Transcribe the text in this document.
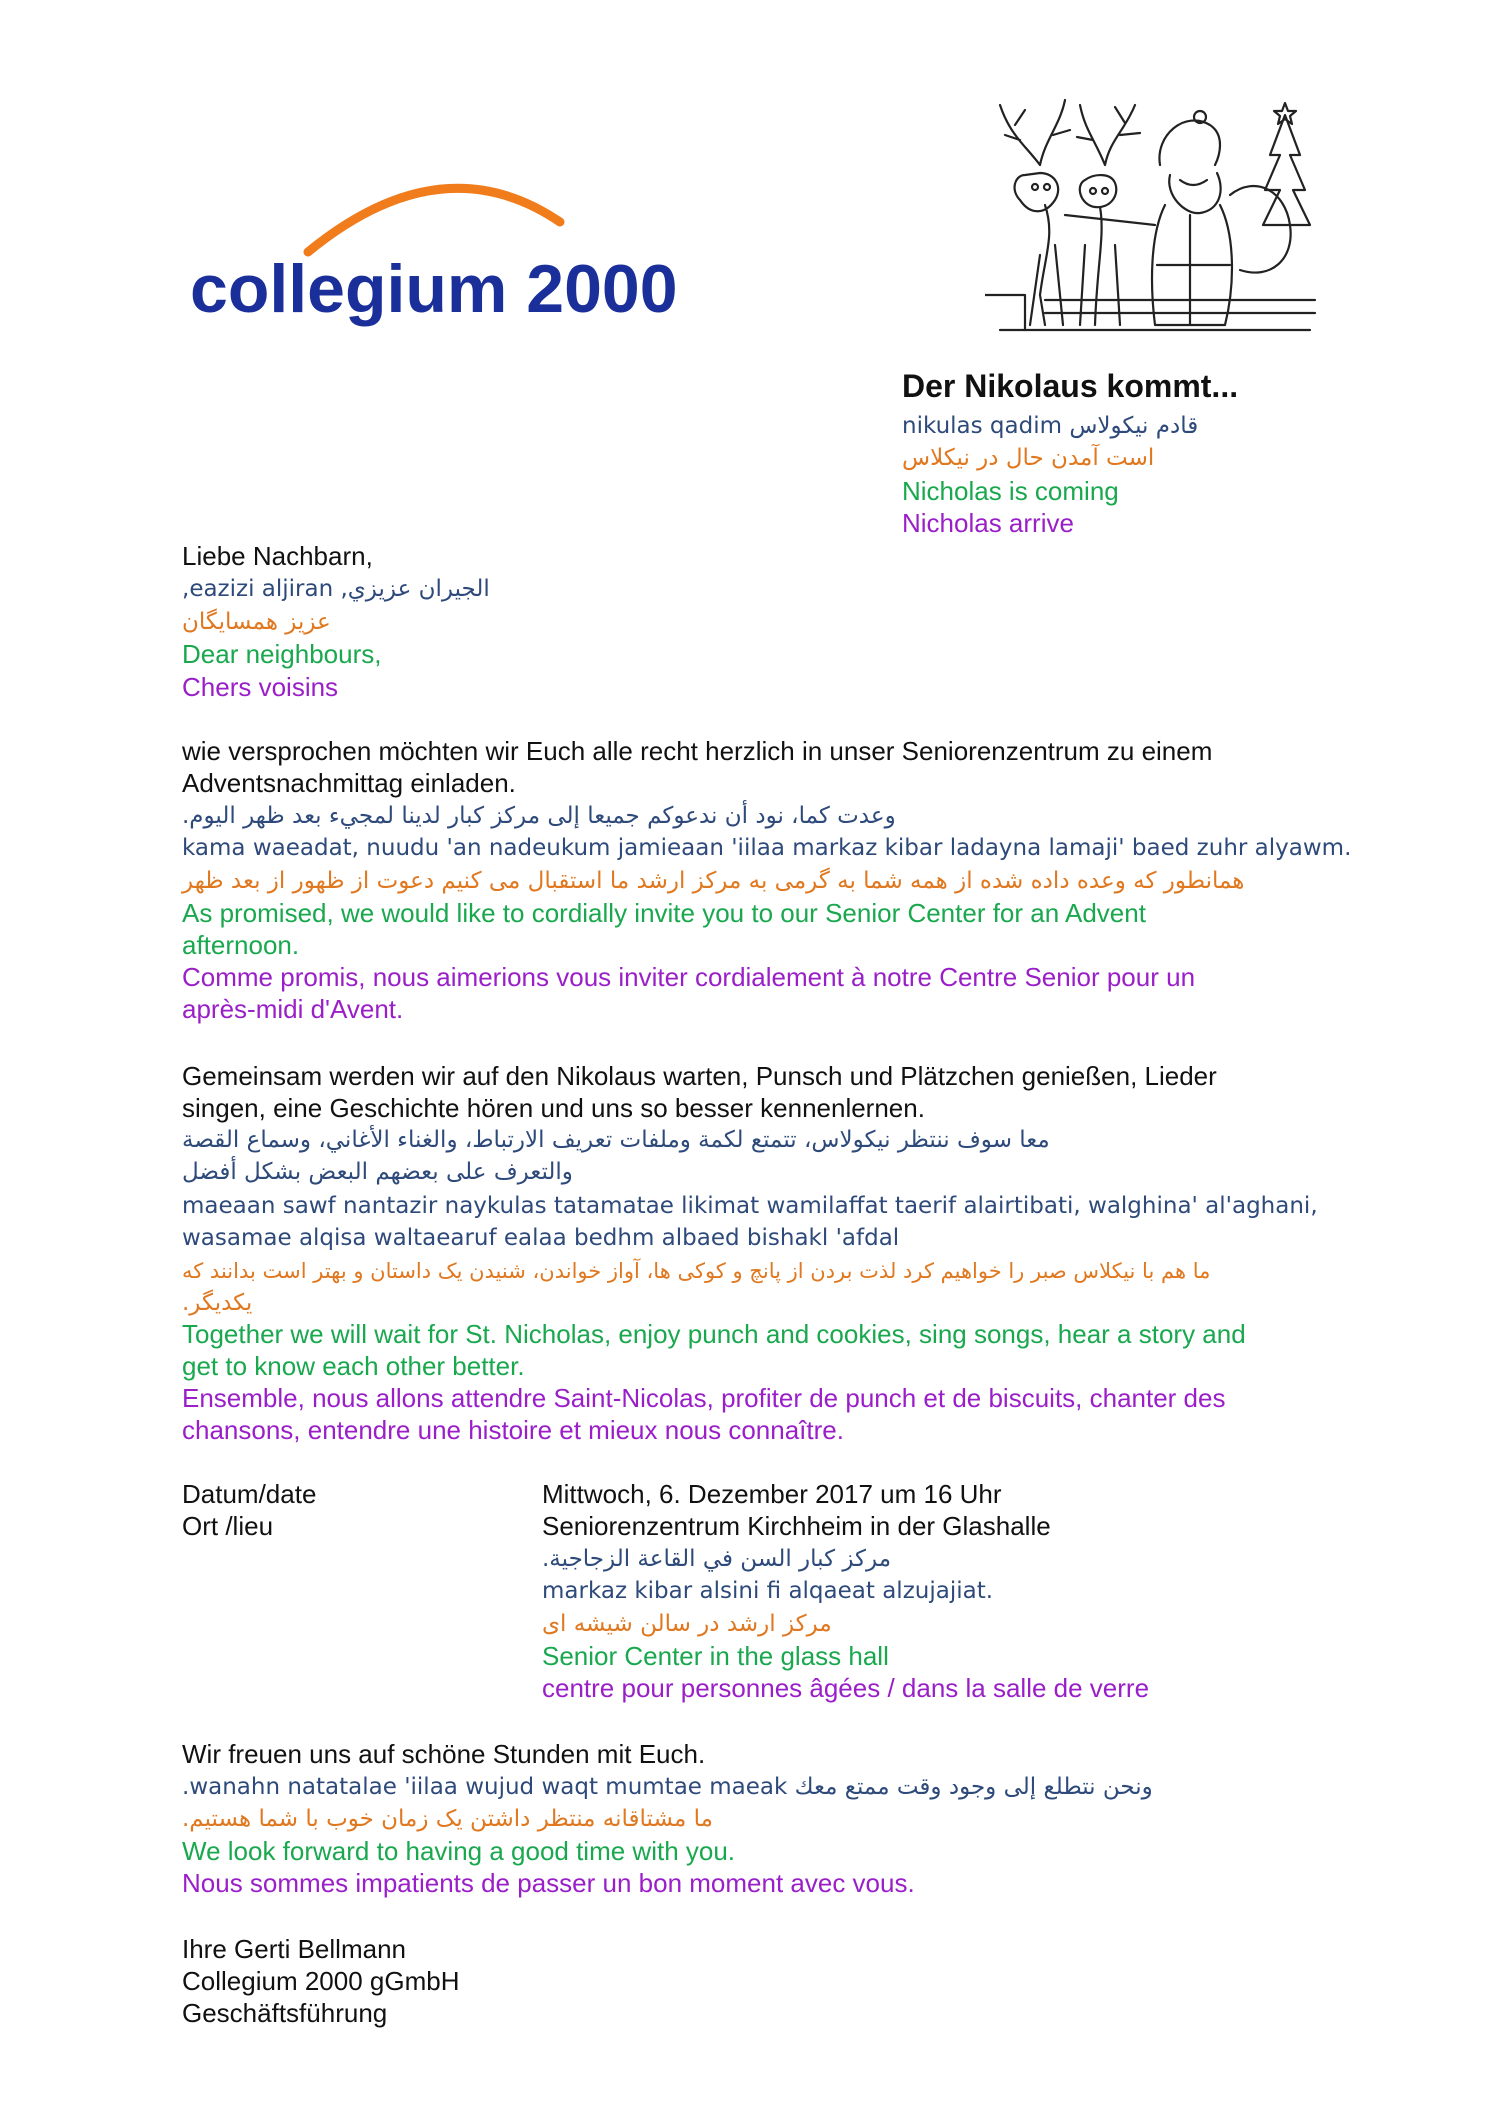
collegium 2000
Der Nikolaus kommt...
قادم نيكولاس nikulas qadim
است آمدن حال در نیکلاس
Nicholas is coming
Nicholas arrive
Liebe Nachbarn,
الجيران عزيزي, eazizi aljiran,
عزیز همسایگان
Dear neighbours,
Chers voisins
wie versprochen möchten wir Euch alle recht herzlich in unser Seniorenzentrum zu einem
Adventsnachmittag einladen.
وعدت كما، نود أن ندعوكم جميعا إلى مركز كبار لدينا لمجيء بعد ظهر اليوم.
kama waeadat, nuudu 'an nadeukum jamieaan 'iilaa markaz kibar ladayna lamaji' baed zuhr alyawm.
همانطور که وعده داده شده از همه شما به گرمی به مرکز ارشد ما استقبال می کنیم دعوت از ظهور از بعد ظهر
As promised, we would like to cordially invite you to our Senior Center for an Advent
afternoon.
Comme promis, nous aimerions vous inviter cordialement à notre Centre Senior pour un
après-midi d'Avent.
Gemeinsam werden wir auf den Nikolaus warten, Punsch und Plätzchen genießen, Lieder
singen, eine Geschichte hören und uns so besser kennenlernen.
معا سوف ننتظر نيكولاس، تتمتع لكمة وملفات تعريف الارتباط، والغناء الأغاني، وسماع القصة
والتعرف على بعضهم البعض بشكل أفضل
maeaan sawf nantazir naykulas tatamatae likimat wamilaffat taerif alairtibati, walghina' al'aghani,
wasamae alqisa waltaearuf ealaa bedhm albaed bishakl 'afdal
ما هم با نیکلاس صبر را خواهیم کرد لذت بردن از پانچ و کوکی ها، آواز خواندن، شنیدن یک داستان و بهتر است بدانند که
یکدیگر.
Together we will wait for St. Nicholas, enjoy punch and cookies, sing songs, hear a story and
get to know each other better.
Ensemble, nous allons attendre Saint-Nicolas, profiter de punch et de biscuits, chanter des
chansons, entendre une histoire et mieux nous connaître.
Datum/date	Mittwoch, 6. Dezember 2017 um 16 Uhr
Ort /lieu	Seniorenzentrum Kirchheim in der Glashalle
مركز كبار السن في القاعة الزجاجية.
markaz kibar alsini fi alqaeat alzujajiat.
مرکز ارشد در سالن شیشه ای
Senior Center in the glass hall
centre pour personnes âgées / dans la salle de verre
Wir freuen uns auf schöne Stunden mit Euch.
ونحن نتطلع إلى وجود وقت ممتع معك wanahn natatalae 'iilaa wujud waqt mumtae maeak.
ما مشتاقانه منتظر داشتن یک زمان خوب با شما هستیم.
We look forward to having a good time with you.
Nous sommes impatients de passer un bon moment avec vous.
Ihre Gerti Bellmann
Collegium 2000 gGmbH
Geschäftsführung
